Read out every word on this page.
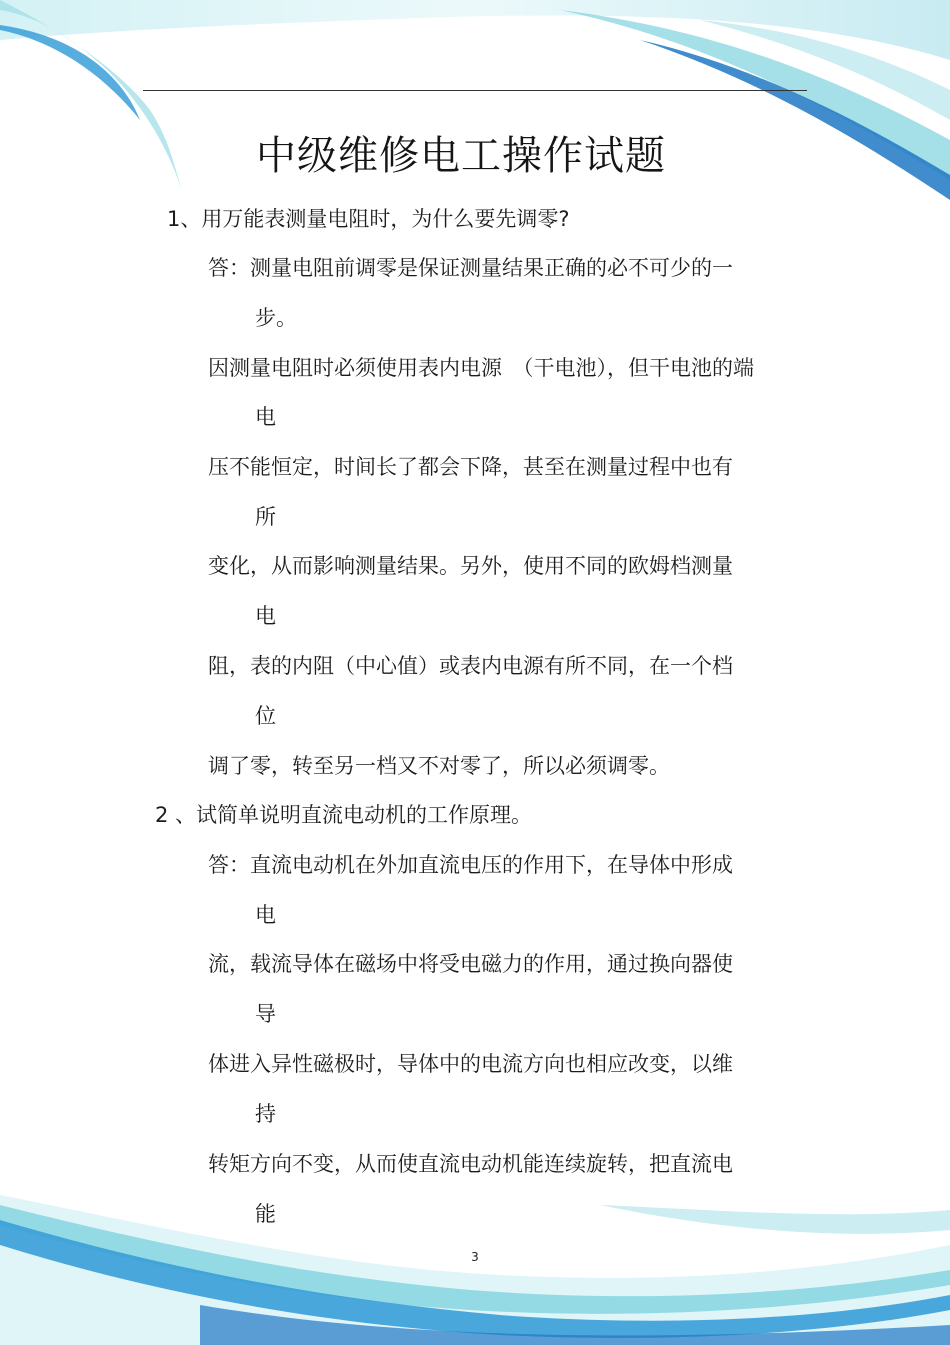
中级维修电工操作试题
1、用万能表测量电阻时，为什么要先调零?
答：测量电阻前调零是保证测量结果正确的必不可少的一
步。
因测量电阻时必须使用表内电源　（干电池），但干电池的端
电
压不能恒定，时间长了都会下降，甚至在测量过程中也有
所
变化，从而影响测量结果。另外，使用不同的欧姆档测量
电
阻，表的内阻（中心值）或表内电源有所不同，在一个档
位
调了零，转至另一档又不对零了，所以必须调零。
2 、试简单说明直流电动机的工作原理。
答：直流电动机在外加直流电压的作用下，在导体中形成
电
流，载流导体在磁场中将受电磁力的作用，通过换向器使
导
体进入异性磁极时，导体中的电流方向也相应改变，以维
持
转矩方向不变，从而使直流电动机能连续旋转，把直流电
能
3
